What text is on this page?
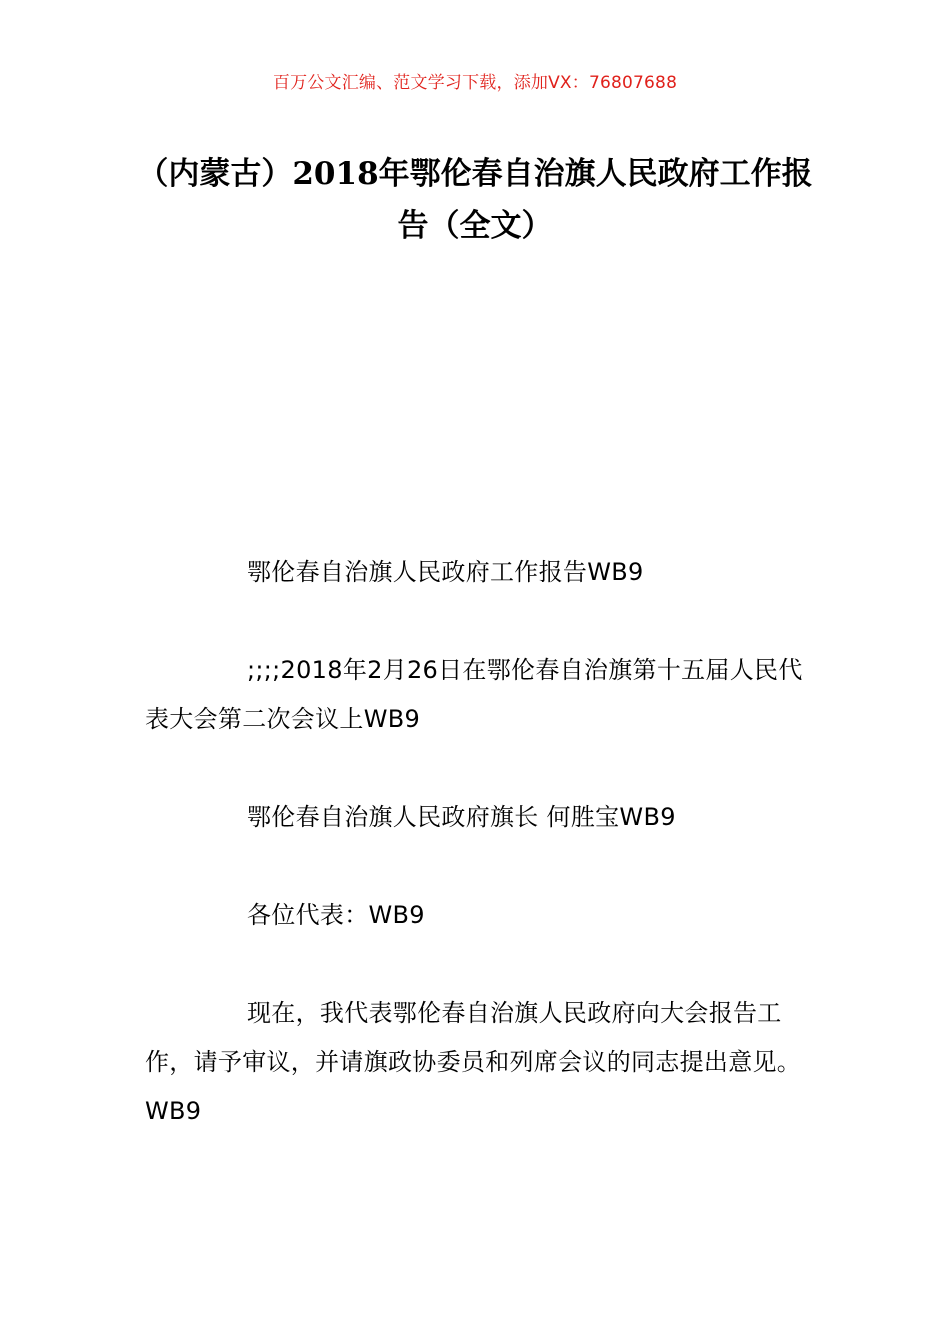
百万公文汇编、范文学习下载，添加VX：76807688
（内蒙古）2018年鄂伦春自治旗人民政府工作报告（全文）

鄂伦春自治旗人民政府工作报告WB9

;;;;2018年2月26日在鄂伦春自治旗第十五届人民代表大会第二次会议上WB9

鄂伦春自治旗人民政府旗长 何胜宝WB9

各位代表：WB9

现在，我代表鄂伦春自治旗人民政府向大会报告工作，请予审议，并请旗政协委员和列席会议的同志提出意见。WB9
